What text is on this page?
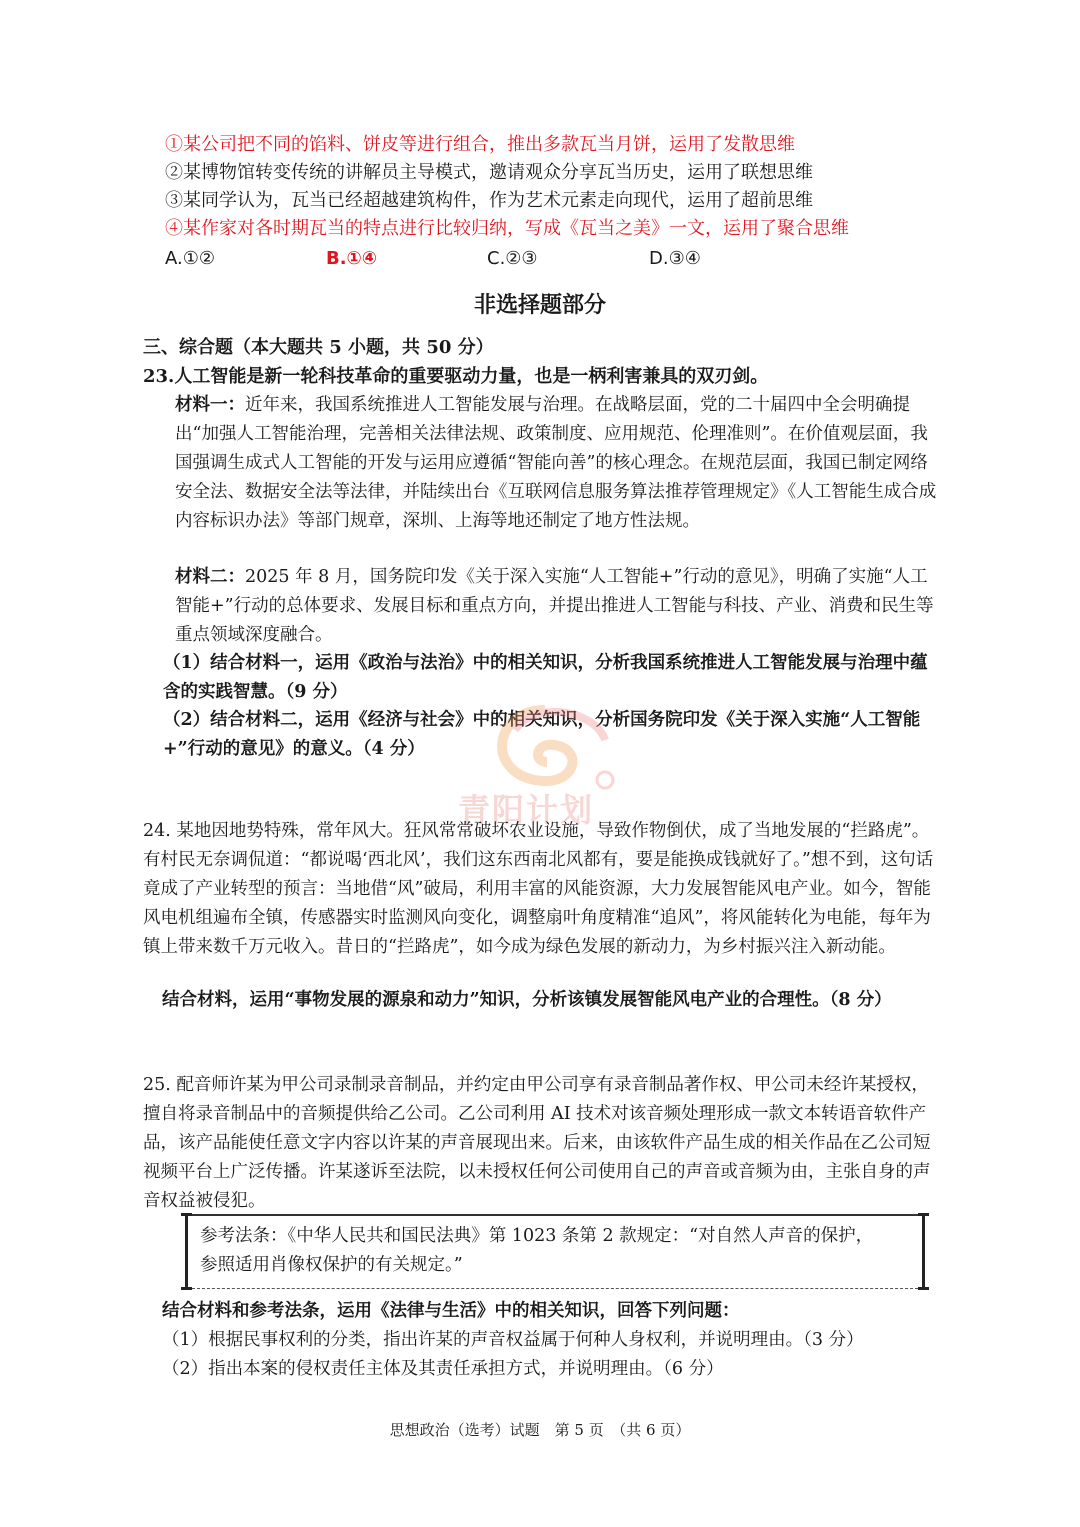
①某公司把不同的馅料、饼皮等进行组合，推出多款瓦当月饼，运用了发散思维
②某博物馆转变传统的讲解员主导模式，邀请观众分享瓦当历史，运用了联想思维
③某同学认为，瓦当已经超越建筑构件，作为艺术元素走向现代，运用了超前思维
④某作家对各时期瓦当的特点进行比较归纳，写成《瓦当之美》一文，运用了聚合思维
A.①②	B.①④	C.②③	D.③④
非选择题部分
三、综合题（本大题共 5 小题，共 50 分）
23.人工智能是新一轮科技革命的重要驱动力量，也是一柄利害兼具的双刃剑。
材料一：近年来，我国系统推进人工智能发展与治理。在战略层面，党的二十届四中全会明确提出“加强人工智能治理，完善相关法律法规、政策制度、应用规范、伦理准则”。在价值观层面，我国强调生成式人工智能的开发与运用应遵循“智能向善”的核心理念。在规范层面，我国已制定网络安全法、数据安全法等法律，并陆续出台《互联网信息服务算法推荐管理规定》《人工智能生成合成内容标识办法》等部门规章，深圳、上海等地还制定了地方性法规。
材料二：2025 年 8 月，国务院印发《关于深入实施“人工智能+”行动的意见》，明确了实施“人工智能+”行动的总体要求、发展目标和重点方向，并提出推进人工智能与科技、产业、消费和民生等重点领域深度融合。
（1）结合材料一，运用《政治与法治》中的相关知识，分析我国系统推进人工智能发展与治理中蕴含的实践智慧。（9 分）
（2）结合材料二，运用《经济与社会》中的相关知识，分析国务院印发《关于深入实施“人工智能+”行动的意见》的意义。（4 分）
青阳计划
24. 某地因地势特殊，常年风大。狂风常常破坏农业设施，导致作物倒伏，成了当地发展的“拦路虎”。有村民无奈调侃道：“都说喝‘西北风’，我们这东西南北风都有，要是能换成钱就好了。”想不到，这句话竟成了产业转型的预言：当地借“风”破局，利用丰富的风能资源，大力发展智能风电产业。如今，智能风电机组遍布全镇，传感器实时监测风向变化，调整扇叶角度精准“追风”，将风能转化为电能，每年为镇上带来数千万元收入。昔日的“拦路虎”，如今成为绿色发展的新动力，为乡村振兴注入新动能。
结合材料，运用“事物发展的源泉和动力”知识，分析该镇发展智能风电产业的合理性。（8 分）
25. 配音师许某为甲公司录制录音制品，并约定由甲公司享有录音制品著作权、甲公司未经许某授权，擅自将录音制品中的音频提供给乙公司。乙公司利用 AI 技术对该音频处理形成一款文本转语音软件产品，该产品能使任意文字内容以许某的声音展现出来。后来，由该软件产品生成的相关作品在乙公司短视频平台上广泛传播。许某遂诉至法院，以未授权任何公司使用自己的声音或音频为由，主张自身的声音权益被侵犯。
参考法条：《中华人民共和国民法典》第 1023 条第 2 款规定：“对自然人声音的保护，
参照适用肖像权保护的有关规定。”
结合材料和参考法条，运用《法律与生活》中的相关知识，回答下列问题：
（1）根据民事权利的分类，指出许某的声音权益属于何种人身权利，并说明理由。（3 分）
（2）指出本案的侵权责任主体及其责任承担方式，并说明理由。（6 分）
思想政治（选考）试题　第 5 页　（共 6 页）
